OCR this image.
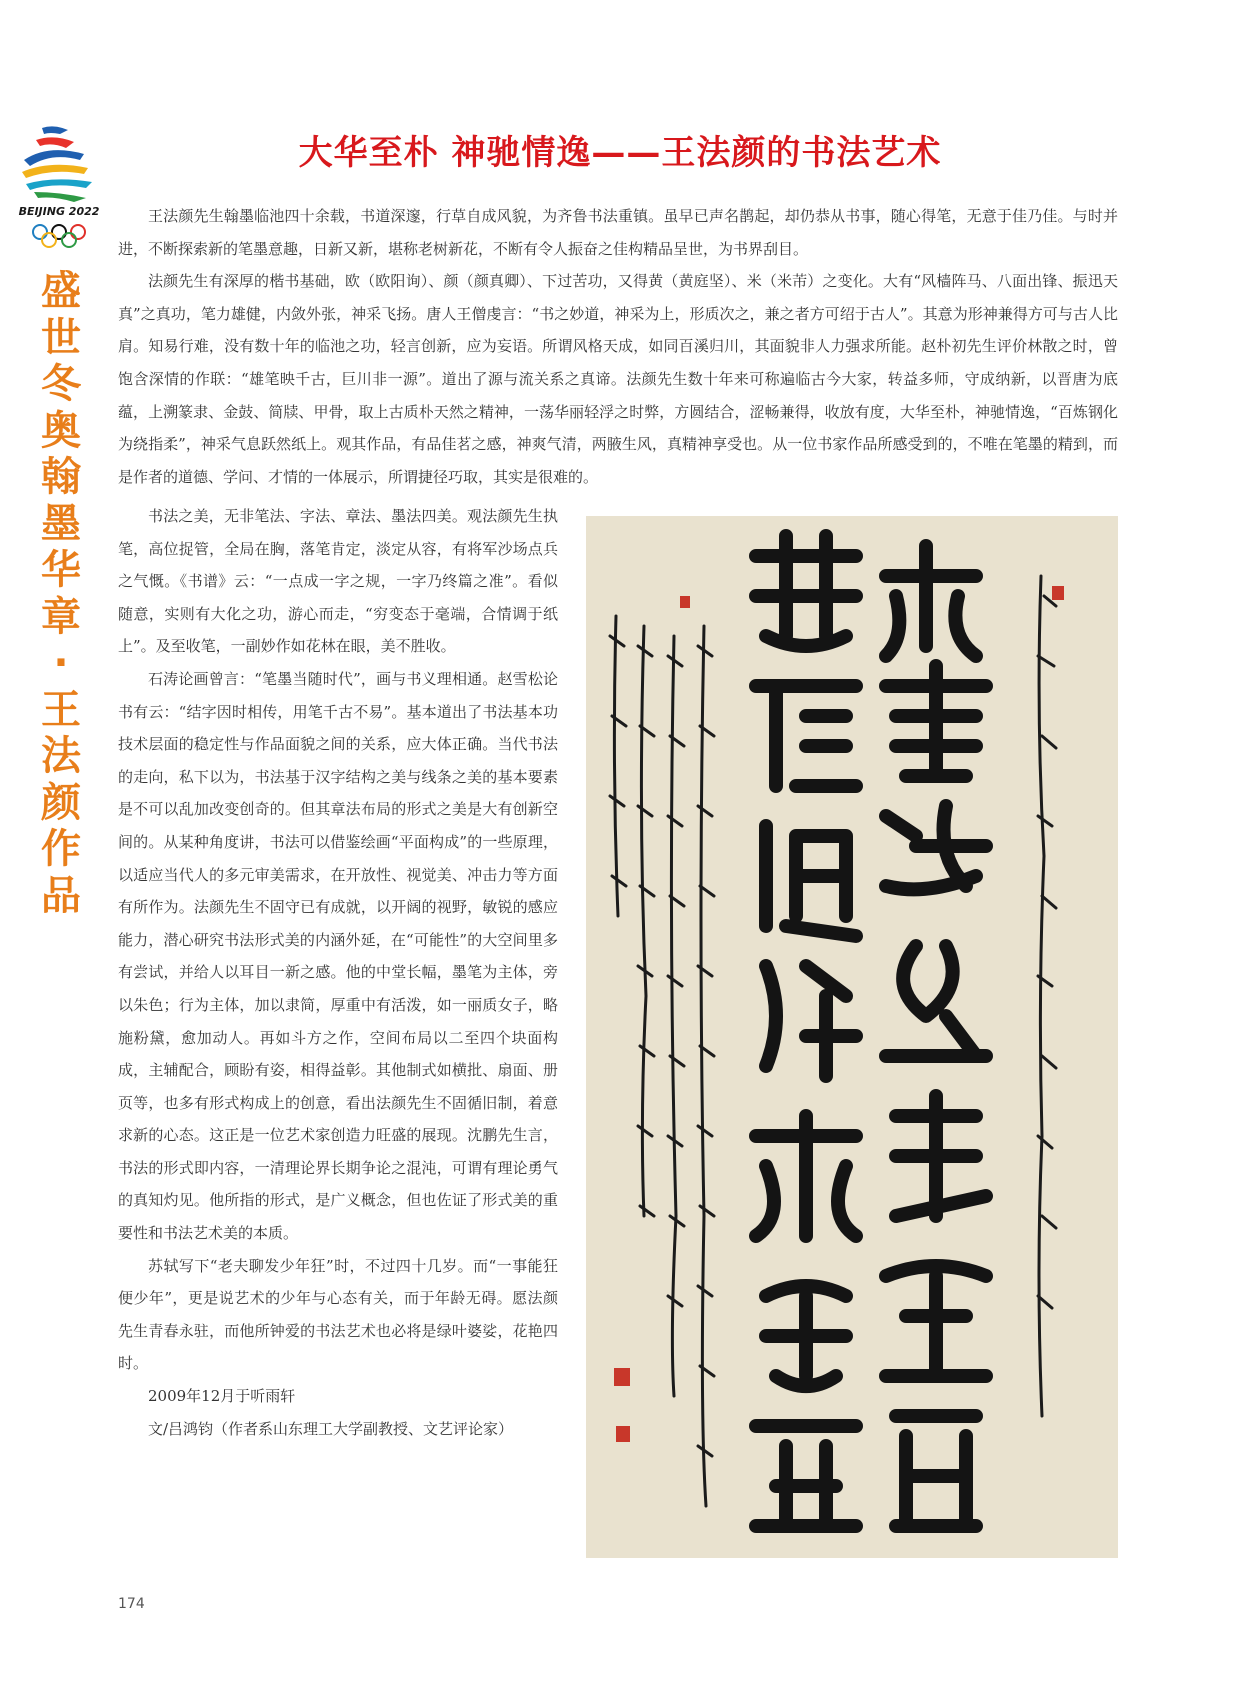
BEIJING 2022
盛
世
冬
奥
翰
墨
华
章
·
王
法
颜
作
品
大华至朴 神驰情逸——王法颜的书法艺术

王法颜先生翰墨临池四十余载，书道深邃，行草自成风貌，为齐鲁书法重镇。虽早已声名鹊起，却仍恭从书事，随心得笔，无意于佳乃佳。与时并进，不断探索新的笔墨意趣，日新又新，堪称老树新花，不断有令人振奋之佳构精品呈世，为书界刮目。

法颜先生有深厚的楷书基础，欧（欧阳询）、颜（颜真卿）、下过苦功，又得黄（黄庭坚）、米（米芾）之变化。大有“风樯阵马、八面出锋、振迅天真”之真功，笔力雄健，内敛外张，神采飞扬。唐人王僧虔言：“书之妙道，神采为上，形质次之，兼之者方可绍于古人”。其意为形神兼得方可与古人比肩。知易行难，没有数十年的临池之功，轻言创新，应为妄语。所谓风格天成，如同百溪归川，其面貌非人力强求所能。赵朴初先生评价林散之时，曾饱含深情的作联：“雄笔映千古，巨川非一源”。道出了源与流关系之真谛。法颜先生数十年来可称遍临古今大家，转益多师，守成纳新，以晋唐为底蕴，上溯篆隶、金鼓、简牍、甲骨，取上古质朴天然之精神，一荡华丽轻浮之时弊，方圆结合，涩畅兼得，收放有度，大华至朴，神驰情逸，“百炼钢化为绕指柔”，神采气息跃然纸上。观其作品，有品佳茗之感，神爽气清，两腋生风，真精神享受也。从一位书家作品所感受到的，不唯在笔墨的精到，而是作者的道德、学问、才情的一体展示，所谓捷径巧取，其实是很难的。

书法之美，无非笔法、字法、章法、墨法四美。观法颜先生执笔，高位捉管，全局在胸，落笔肯定，淡定从容，有将军沙场点兵之气慨。《书谱》云：“一点成一字之规，一字乃终篇之准”。看似随意，实则有大化之功，游心而走，“穷变态于毫端，合情调于纸上”。及至收笔，一副妙作如花林在眼，美不胜收。

石涛论画曾言：“笔墨当随时代”，画与书义理相通。赵雪松论书有云：“结字因时相传，用笔千古不易”。基本道出了书法基本功技术层面的稳定性与作品面貌之间的关系，应大体正确。当代书法的走向，私下以为，书法基于汉字结构之美与线条之美的基本要素是不可以乱加改变创奇的。但其章法布局的形式之美是大有创新空间的。从某种角度讲，书法可以借鉴绘画“平面构成”的一些原理，以适应当代人的多元审美需求，在开放性、视觉美、冲击力等方面有所作为。法颜先生不固守已有成就，以开阔的视野，敏锐的感应能力，潜心研究书法形式美的内涵外延，在“可能性”的大空间里多有尝试，并给人以耳目一新之感。他的中堂长幅，墨笔为主体，旁以朱色；行为主体，加以隶简，厚重中有活泼，如一丽质女子，略施粉黛，愈加动人。再如斗方之作，空间布局以二至四个块面构成，主辅配合，顾盼有姿，相得益彰。其他制式如横批、扇面、册页等，也多有形式构成上的创意，看出法颜先生不固循旧制，着意求新的心态。这正是一位艺术家创造力旺盛的展现。沈鹏先生言，书法的形式即内容，一清理论界长期争论之混沌，可谓有理论勇气的真知灼见。他所指的形式，是广义概念，但也佐证了形式美的重要性和书法艺术美的本质。

苏轼写下“老夫聊发少年狂”时，不过四十几岁。而“一事能狂便少年”，更是说艺术的少年与心态有关，而于年龄无碍。愿法颜先生青春永驻，而他所钟爱的书法艺术也必将是绿叶婆娑，花艳四时。

2009年12月于听雨轩

文/吕鸿钧（作者系山东理工大学副教授、文艺评论家）

174
